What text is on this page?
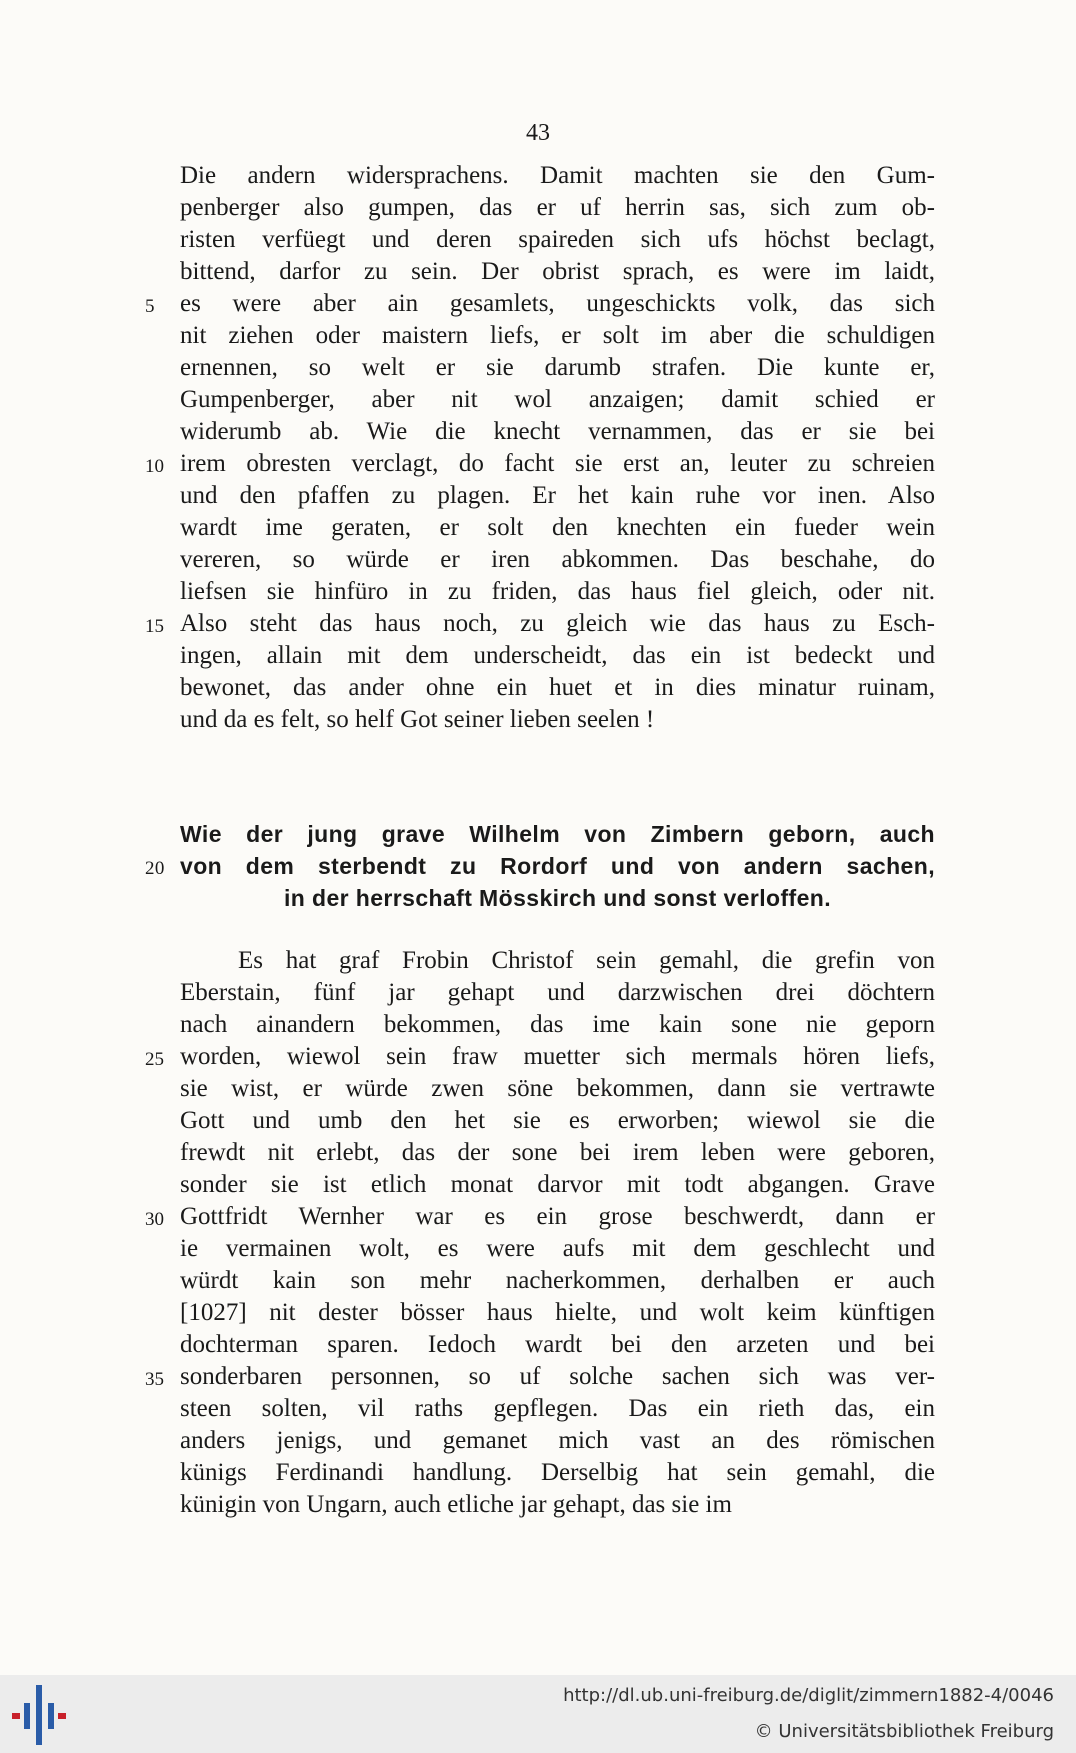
43
Die andern widersprachens. Damit machten sie den Gum-
penberger also gumpen, das er uf herrin sas, sich zum ob-
risten verfüegt und deren spaireden sich ufs höchst beclagt,
bittend, darfor zu sein. Der obrist sprach, es were im laidt,
es were aber ain gesamlets, ungeschickts volk, das sich
5
nit ziehen oder maistern liefs, er solt im aber die schuldigen
ernennen, so welt er sie darumb strafen. Die kunte er,
Gumpenberger, aber nit wol anzaigen; damit schied er
widerumb ab. Wie die knecht vernammen, das er sie bei
irem obresten verclagt, do facht sie erst an, leuter zu schreien
10
und den pfaffen zu plagen. Er het kain ruhe vor inen. Also
wardt ime geraten, er solt den knechten ein fueder wein
vereren, so würde er iren abkommen. Das beschahe, do
liefsen sie hinfüro in zu friden, das haus fiel gleich, oder nit.
Also steht das haus noch, zu gleich wie das haus zu Esch-
15
ingen, allain mit dem underscheidt, das ein ist bedeckt und
bewonet, das ander ohne ein huet et in dies minatur ruinam,
und da es felt, so helf Got seiner lieben seelen !
Wie der jung grave Wilhelm von Zimbern geborn, auch
von dem sterbendt zu Rordorf und von andern sachen,
20
in der herrschaft Mösskirch und sonst verloffen.
Es hat graf Frobin Christof sein gemahl, die grefin von
Eberstain, fünf jar gehapt und darzwischen drei döchtern
nach ainandern bekommen, das ime kain sone nie geporn
worden, wiewol sein fraw muetter sich mermals hören liefs,
25
sie wist, er würde zwen söne bekommen, dann sie vertrawte
Gott und umb den het sie es erworben; wiewol sie die
frewdt nit erlebt, das der sone bei irem leben were geboren,
sonder sie ist etlich monat darvor mit todt abgangen. Grave
Gottfridt Wernher war es ein grose beschwerdt, dann er
30
ie vermainen wolt, es were aufs mit dem geschlecht und
würdt kain son mehr nacherkommen, derhalben er auch
[1027] nit dester bösser haus hielte, und wolt keim künftigen
dochterman sparen. Iedoch wardt bei den arzeten und bei
sonderbaren personnen, so uf solche sachen sich was ver-
35
steen solten, vil raths gepflegen. Das ein rieth das, ein
anders jenigs, und gemanet mich vast an des römischen
künigs Ferdinandi handlung. Derselbig hat sein gemahl, die
künigin von Ungarn, auch etliche jar gehapt, das sie im
http://dl.ub.uni-freiburg.de/diglit/zimmern1882-4/0046
© Universitätsbibliothek Freiburg
